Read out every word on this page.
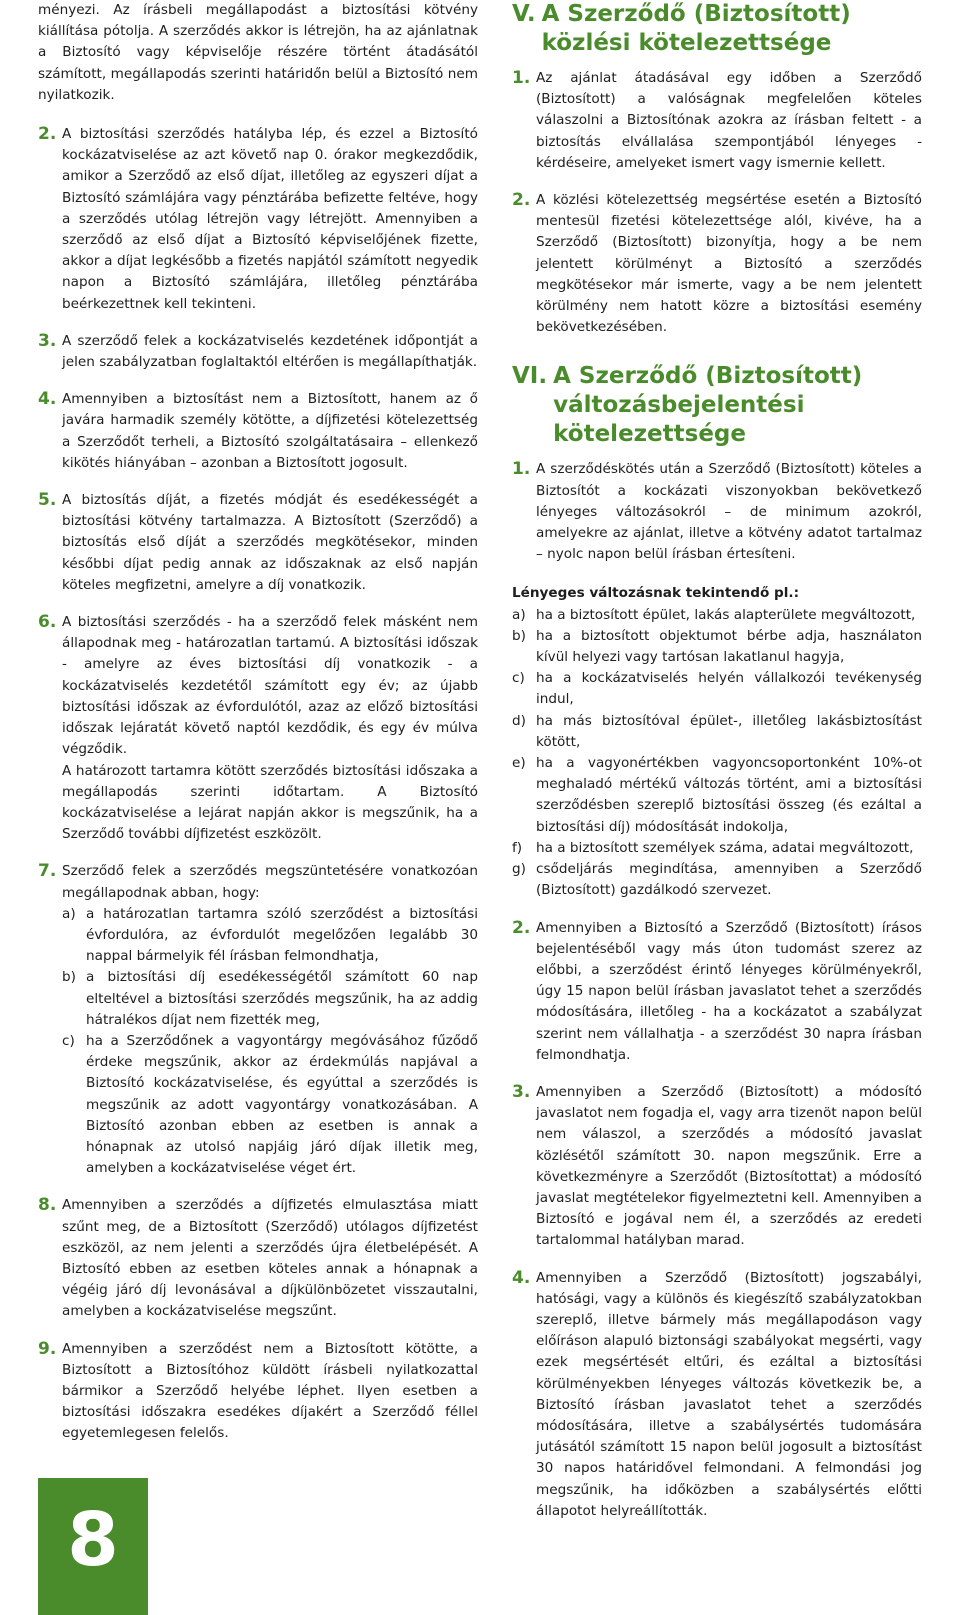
ményezi. Az írásbeli megállapodást a biztosítási kötvény kiállítása pótolja. A szerződés akkor is létrejön, ha az ajánlatnak a Biztosító vagy képviselője részére történt átadásától számított, megállapodás szerinti határidőn belül a Biztosító nem nyilatkozik.

2. A biztosítási szerződés hatályba lép, és ezzel a Biztosító kockázatviselése az azt követő nap 0. órakor megkezdődik, amikor a Szerződő az első díjat, illetőleg az egyszeri díjat a Biztosító számlájára vagy pénztárába befizette feltéve, hogy a szerződés utólag létrejön vagy létrejött. Amennyiben a szerződő az első díjat a Biztosító képviselőjének fizette, akkor a díjat legkésőbb a fizetés napjától számított negyedik napon a Biztosító számlájára, illetőleg pénztárába beérkezettnek kell tekinteni.

3. A szerződő felek a kockázatviselés kezdetének időpontját a jelen szabályzatban foglaltaktól eltérően is megállapíthatják.

4. Amennyiben a biztosítást nem a Biztosított, hanem az ő javára harmadik személy kötötte, a díjfizetési kötelezettség a Szerződőt terheli, a Biztosító szolgáltatásaira – ellenkező kikötés hiányában – azonban a Biztosított jogosult.

5. A biztosítás díját, a fizetés módját és esedékességét a biztosítási kötvény tartalmazza. A Biztosított (Szerződő) a biztosítás első díját a szerződés megkötésekor, minden későbbi díjat pedig annak az időszaknak az első napján köteles megfizetni, amelyre a díj vonatkozik.

6. A biztosítási szerződés - ha a szerződő felek másként nem állapodnak meg - határozatlan tartamú. A biztosítási időszak - amelyre az éves biztosítási díj vonatkozik - a kockázatviselés kezdetétől számított egy év; az újabb biztosítási időszak az évfordulótól, azaz az előző biztosítási időszak lejáratát követő naptól kezdődik, és egy év múlva végződik.

A határozott tartamra kötött szerződés biztosítási időszaka a megállapodás szerinti időtartam. A Biztosító kockázatviselése a lejárat napján akkor is megszűnik, ha a Szerződő további díjfizetést eszközölt.

7. Szerződő felek a szerződés megszüntetésére vonatkozóan megállapodnak abban, hogy:

a) a határozatlan tartamra szóló szerződést a biztosítási évfordulóra, az évfordulót megelőzően legalább 30 nappal bármelyik fél írásban felmondhatja,
b) a biztosítási díj esedékességétől számított 60 nap elteltével a biztosítási szerződés megszűnik, ha az addig hátralékos díjat nem fizették meg,
c) ha a Szerződőnek a vagyontárgy megóvásához fűződő érdeke megszűnik, akkor az érdekmúlás napjával a Biztosító kockázatviselése, és egyúttal a szerződés is megszűnik az adott vagyontárgy vonatkozásában. A Biztosító azonban ebben az esetben is annak a hónapnak az utolsó napjáig járó díjak illetik meg, amelyben a kockázatviselése véget ért.
8. Amennyiben a szerződés a díjfizetés elmulasztása miatt szűnt meg, de a Biztosított (Szerződő) utólagos díjfizetést eszközöl, az nem jelenti a szerződés újra életbelépését. A Biztosító ebben az esetben köteles annak a hónapnak a végéig járó díj levonásával a díjkülönbözetet visszautalni, amelyben a kockázatviselése megszűnt.

9. Amennyiben a szerződést nem a Biztosított kötötte, a Biztosított a Biztosítóhoz küldött írásbeli nyilatkozattal bármikor a Szerződő helyébe léphet. Ilyen esetben a biztosítási időszakra esedékes díjakért a Szerződő féllel egyetemlegesen felelős.

V. A Szerződő (Biztosított) közlési kötelezettsége
1. Az ajánlat átadásával egy időben a Szerződő (Biztosított) a valóságnak megfelelően köteles válaszolni a Biztosítónak azokra az írásban feltett - a biztosítás elvállalása szempontjából lényeges - kérdéseire, amelyeket ismert vagy ismernie kellett.

2. A közlési kötelezettség megsértése esetén a Biztosító mentesül fizetési kötelezettsége alól, kivéve, ha a Szerződő (Biztosított) bizonyítja, hogy a be nem jelentett körülményt a Biztosító a szerződés megkötésekor már ismerte, vagy a be nem jelentett körülmény nem hatott közre a biztosítási esemény bekövetkezésében.

VI. A Szerződő (Biztosított) változásbejelentési kötelezettsége
1. A szerződéskötés után a Szerződő (Biztosított) köteles a Biztosítót a kockázati viszonyokban bekövetkező lényeges változásokról – de minimum azokról, amelyekre az ajánlat, illetve a kötvény adatot tartalmaz – nyolc napon belül írásban értesíteni.

Lényeges változásnak tekintendő pl.:

a) ha a biztosított épület, lakás alapterülete megváltozott,
b) ha a biztosított objektumot bérbe adja, használaton kívül helyezi vagy tartósan lakatlanul hagyja,
c) ha a kockázatviselés helyén vállalkozói tevékenység indul,
d) ha más biztosítóval épület-, illetőleg lakásbiztosítást kötött,
e) ha a vagyonértékben vagyoncsoportonként 10%-ot meghaladó mértékű változás történt, ami a biztosítási szerződésben szereplő biztosítási összeg (és ezáltal a biztosítási díj) módosítását indokolja,
f)	ha a biztosított személyek száma, adatai megváltozott,
g) csődeljárás megindítása, amennyiben a Szerződő (Biztosított) gazdálkodó szervezet.
2. Amennyiben a Biztosító a Szerződő (Biztosított) írásos bejelentéséből vagy más úton tudomást szerez az előbbi, a szerződést érintő lényeges körülményekről, úgy 15 napon belül írásban javaslatot tehet a szerződés módosítására, illetőleg - ha a kockázatot a szabályzat szerint nem vállalhatja - a szerződést 30 napra írásban felmondhatja.

3. Amennyiben a Szerződő (Biztosított) a módosító javaslatot nem fogadja el, vagy arra tizenöt napon belül nem válaszol, a szerződés a módosító javaslat közlésétől számított 30. napon megszűnik. Erre a következményre a Szerződőt (Biztosítottat) a módosító javaslat megtételekor figyelmeztetni kell. Amennyiben a Biztosító e jogával nem él, a szerződés az eredeti tartalommal hatályban marad.

4. Amennyiben a Szerződő (Biztosított) jogszabályi, hatósági, vagy a különös és kiegészítő szabályzatokban szereplő, illetve bármely más megállapodáson vagy előíráson alapuló biztonsági szabályokat megsérti, vagy ezek megsértését eltűri, és ezáltal a biztosítási körülményekben lényeges változás következik be, a Biztosító írásban javaslatot tehet a szerződés módosítására, illetve a szabálysértés tudomására jutásától számított 15 napon belül jogosult a biztosítást 30 napos határidővel felmondani. A felmondási jog megszűnik, ha időközben a szabálysértés előtti állapotot helyreállították.

8
